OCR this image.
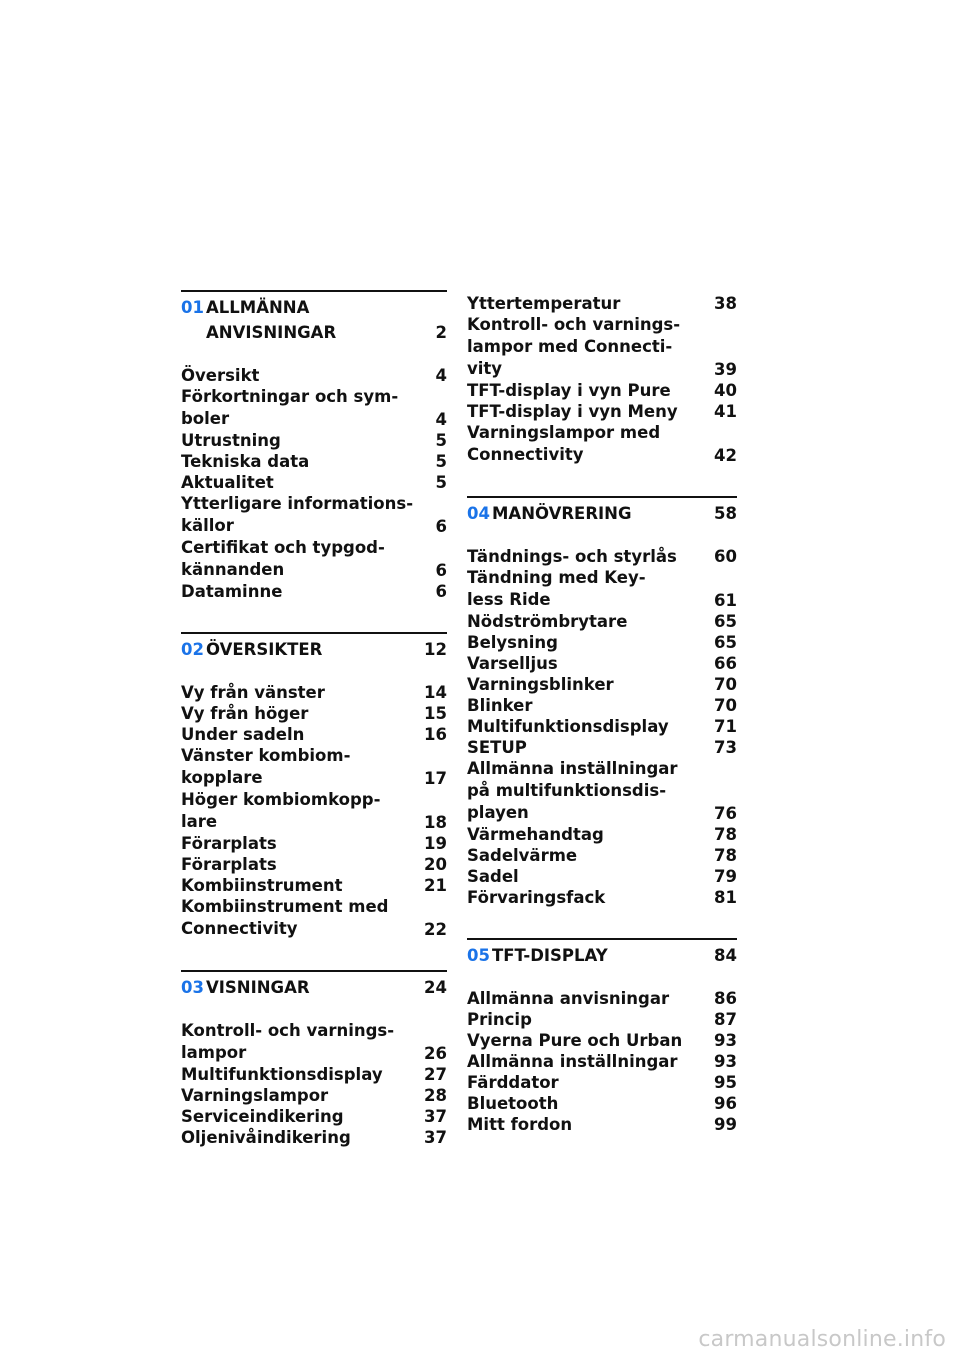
01 ALLMÄNNA
ANVISNINGAR	2
Översikt	4
Förkortningar och sym-
boler	4
Utrustning	5
Tekniska data	5
Aktualitet	5
Ytterligare informations-
källor	6
Certifikat och typgod-
kännanden	6
Dataminne	6
02 ÖVERSIKTER	12
Vy från vänster	14
Vy från höger	15
Under sadeln	16
Vänster kombiom-
kopplare	17
Höger kombiomkopp-
lare	18
Förarplats	19
Förarplats	20
Kombiinstrument	21
Kombiinstrument med
Connectivity	22
03 VISNINGAR	24
Kontroll- och varnings-
lampor	26
Multifunktionsdisplay	27
Varningslampor	28
Serviceindikering	37
Oljenivåindikering	37
Yttertemperatur	38
Kontroll- och varnings-
lampor med Connecti-
vity	39
TFT-display i vyn Pure	40
TFT-display i vyn Meny	41
Varningslampor med
Connectivity	42
04 MANÖVRERING	58
Tändnings- och styrlås	60
Tändning med Key-
less Ride	61
Nödströmbrytare	65
Belysning	65
Varselljus	66
Varningsblinker	70
Blinker	70
Multifunktionsdisplay	71
SETUP	73
Allmänna inställningar
på multifunktionsdis-
playen	76
Värmehandtag	78
Sadelvärme	78
Sadel	79
Förvaringsfack	81
05 TFT-DISPLAY	84
Allmänna anvisningar	86
Princip	87
Vyerna Pure och Urban	93
Allmänna inställningar	93
Färddator	95
Bluetooth	96
Mitt fordon	99
carmanualsonline.info
